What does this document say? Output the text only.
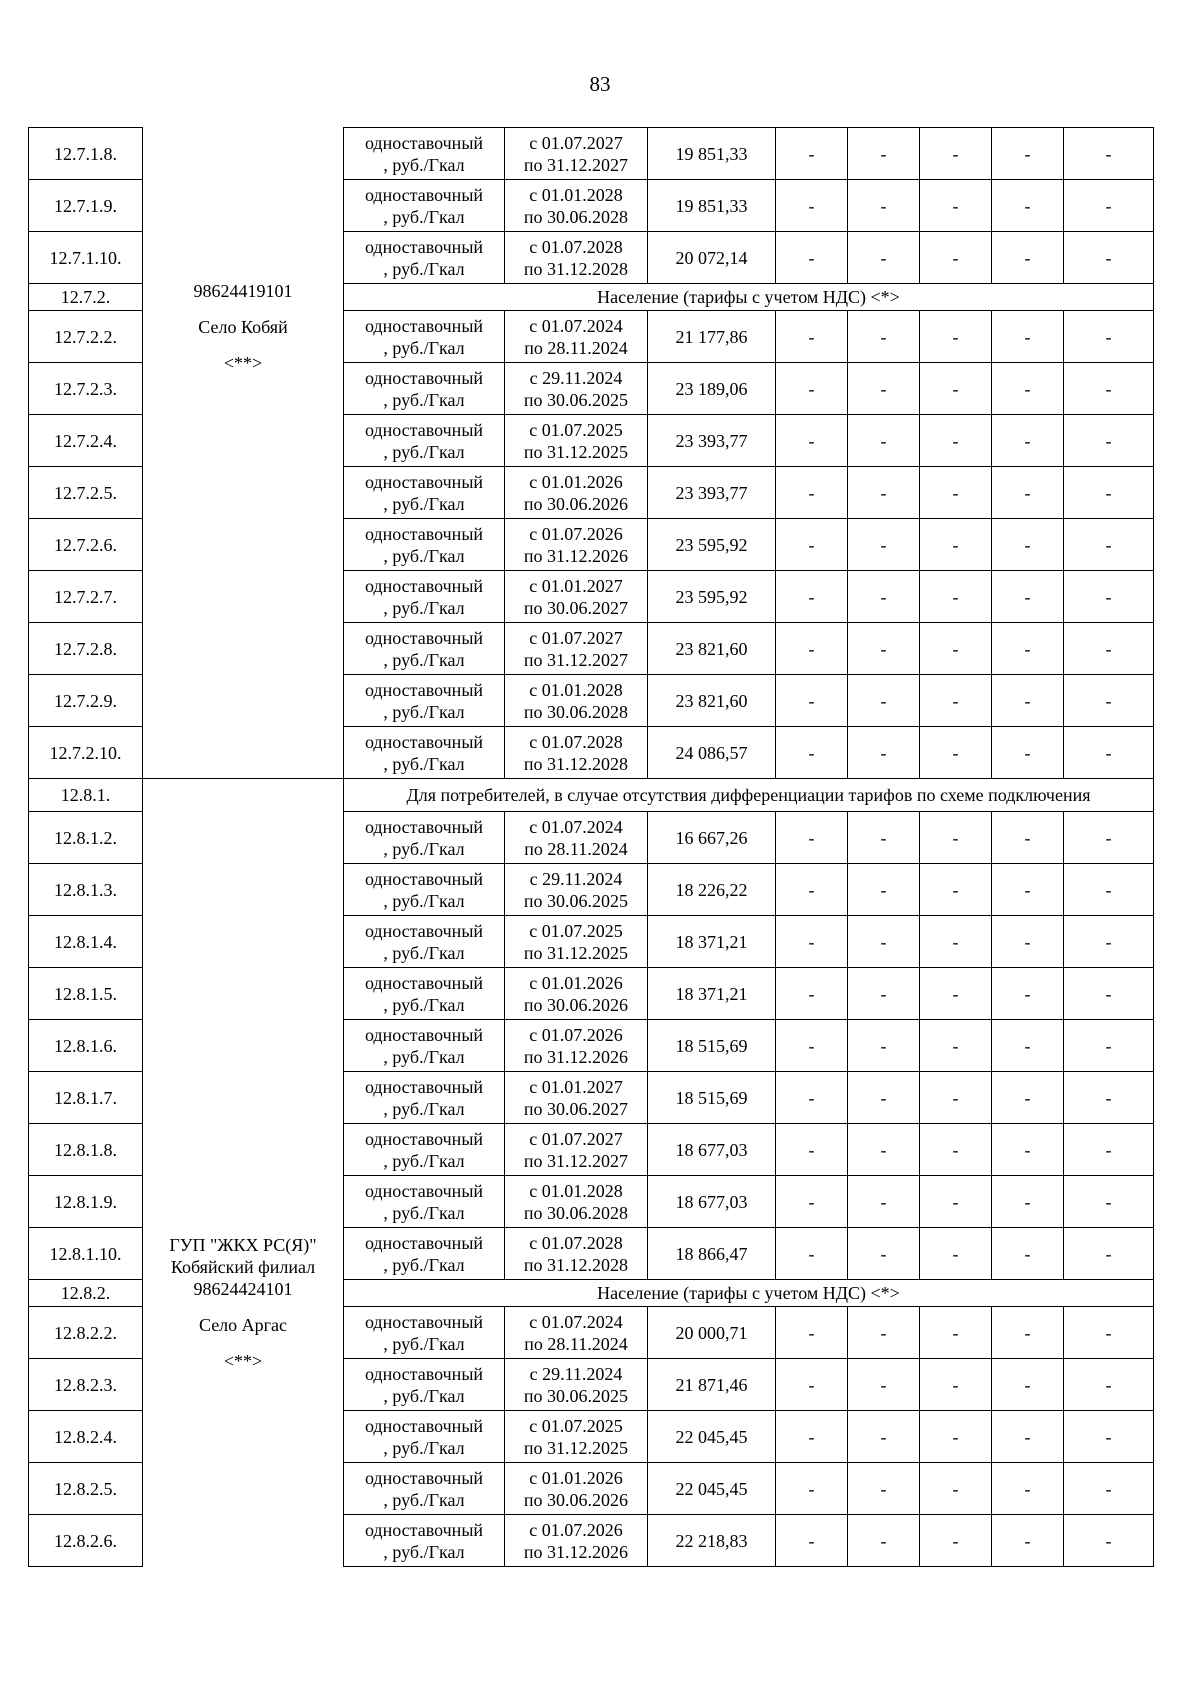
83
12.7.1.8.	98624419101
Село Кобяй
<**>	одноставочный
, руб./Гкал	с 01.07.2027
по 31.12.2027	19 851,33	-	-	-	-	-
12.7.1.9.		одноставочный
, руб./Гкал	с 01.01.2028
по 30.06.2028	19 851,33	-	-	-	-	-
12.7.1.10.		одноставочный
, руб./Гкал	с 01.07.2028
по 31.12.2028	20 072,14	-	-	-	-	-
12.7.2.		Население (тарифы с учетом НДС) <*>							
12.7.2.2.		одноставочный
, руб./Гкал	с 01.07.2024
по 28.11.2024	21 177,86	-	-	-	-	-
12.7.2.3.		одноставочный
, руб./Гкал	с 29.11.2024
по 30.06.2025	23 189,06	-	-	-	-	-
12.7.2.4.		одноставочный
, руб./Гкал	с 01.07.2025
по 31.12.2025	23 393,77	-	-	-	-	-
12.7.2.5.		одноставочный
, руб./Гкал	с 01.01.2026
по 30.06.2026	23 393,77	-	-	-	-	-
12.7.2.6.		одноставочный
, руб./Гкал	с 01.07.2026
по 31.12.2026	23 595,92	-	-	-	-	-
12.7.2.7.		одноставочный
, руб./Гкал	с 01.01.2027
по 30.06.2027	23 595,92	-	-	-	-	-
12.7.2.8.		одноставочный
, руб./Гкал	с 01.07.2027
по 31.12.2027	23 821,60	-	-	-	-	-
12.7.2.9.		одноставочный
, руб./Гкал	с 01.01.2028
по 30.06.2028	23 821,60	-	-	-	-	-
12.7.2.10.		одноставочный
, руб./Гкал	с 01.07.2028
по 31.12.2028	24 086,57	-	-	-	-	-
12.8.1.	ГУП "ЖКХ РС(Я)"
Кобяйский филиал
98624424101
Село Аргас
<**>	Для потребителей, в случае отсутствия дифференциации тарифов по схеме подключения							
12.8.1.2.		одноставочный
, руб./Гкал	с 01.07.2024
по 28.11.2024	16 667,26	-	-	-	-	-
12.8.1.3.		одноставочный
, руб./Гкал	с 29.11.2024
по 30.06.2025	18 226,22	-	-	-	-	-
12.8.1.4.		одноставочный
, руб./Гкал	с 01.07.2025
по 31.12.2025	18 371,21	-	-	-	-	-
12.8.1.5.		одноставочный
, руб./Гкал	с 01.01.2026
по 30.06.2026	18 371,21	-	-	-	-	-
12.8.1.6.		одноставочный
, руб./Гкал	с 01.07.2026
по 31.12.2026	18 515,69	-	-	-	-	-
12.8.1.7.		одноставочный
, руб./Гкал	с 01.01.2027
по 30.06.2027	18 515,69	-	-	-	-	-
12.8.1.8.		одноставочный
, руб./Гкал	с 01.07.2027
по 31.12.2027	18 677,03	-	-	-	-	-
12.8.1.9.		одноставочный
, руб./Гкал	с 01.01.2028
по 30.06.2028	18 677,03	-	-	-	-	-
12.8.1.10.		одноставочный
, руб./Гкал	с 01.07.2028
по 31.12.2028	18 866,47	-	-	-	-	-
12.8.2.		Население (тарифы с учетом НДС) <*>							
12.8.2.2.		одноставочный
, руб./Гкал	с 01.07.2024
по 28.11.2024	20 000,71	-	-	-	-	-
12.8.2.3.		одноставочный
, руб./Гкал	с 29.11.2024
по 30.06.2025	21 871,46	-	-	-	-	-
12.8.2.4.		одноставочный
, руб./Гкал	с 01.07.2025
по 31.12.2025	22 045,45	-	-	-	-	-
12.8.2.5.		одноставочный
, руб./Гкал	с 01.01.2026
по 30.06.2026	22 045,45	-	-	-	-	-
12.8.2.6.		одноставочный
, руб./Гкал	с 01.07.2026
по 31.12.2026	22 218,83	-	-	-	-	-
